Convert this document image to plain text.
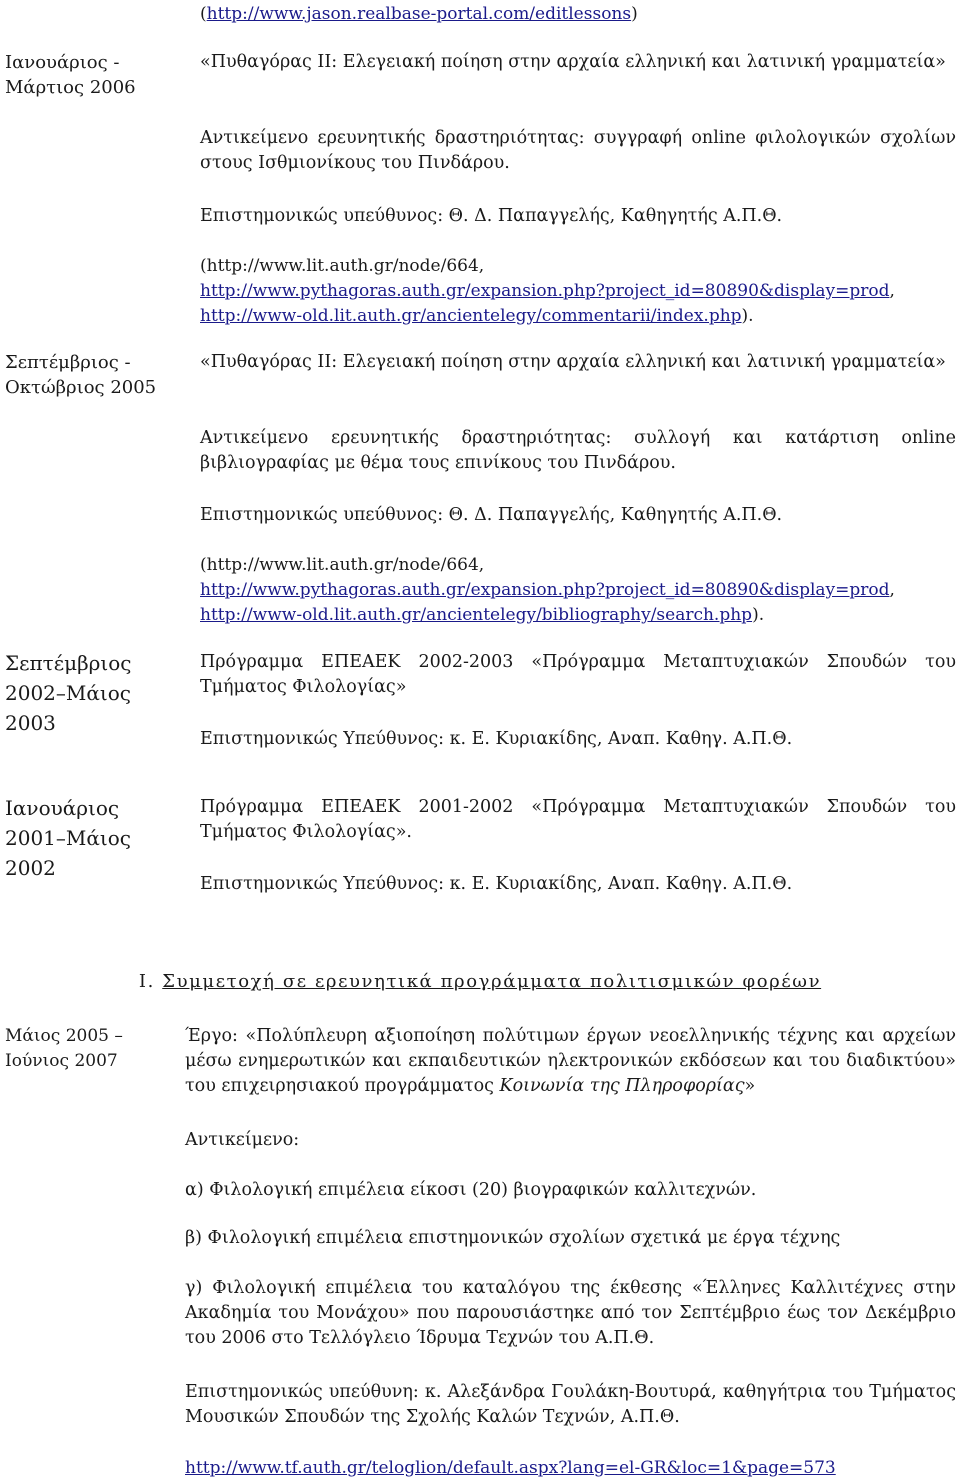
(http://www.jason.realbase-portal.com/editlessons)
Ιανουάριος - Μάρτιος 2006
«Πυθαγόρας ΙΙ: Ελεγειακή ποίηση στην αρχαία ελληνική και λατινική γραμματεία»
Αντικείμενο ερευνητικής δραστηριότητας: συγγραφή online φιλολογικών σχολίων στους Ισθμιονίκους του Πινδάρου.
Επιστημονικώς υπεύθυνος: Θ. Δ. Παπαγγελής, Καθηγητής Α.Π.Θ.
(http://www.lit.auth.gr/node/664,
http://www.pythagoras.auth.gr/expansion.php?project_id=80890&display=prod,
http://www-old.lit.auth.gr/ancientelegy/commentarii/index.php).
Σεπτέμβριος - Οκτώβριος 2005
«Πυθαγόρας ΙΙ: Ελεγειακή ποίηση στην αρχαία ελληνική και λατινική γραμματεία»
Αντικείμενο ερευνητικής δραστηριότητας: συλλογή και κατάρτιση online βιβλιογραφίας με θέμα τους επινίκους του Πινδάρου.
Επιστημονικώς υπεύθυνος: Θ. Δ. Παπαγγελής, Καθηγητής Α.Π.Θ.
(http://www.lit.auth.gr/node/664,
http://www.pythagoras.auth.gr/expansion.php?project_id=80890&display=prod,
http://www-old.lit.auth.gr/ancientelegy/bibliography/search.php).
Σεπτέμβριος 2002–Μάιος 2003
Πρόγραμμα ΕΠΕΑΕΚ 2002-2003 «Πρόγραμμα Μεταπτυχιακών Σπουδών του Τμήματος Φιλολογίας»
Επιστημονικώς Υπεύθυνος: κ. Ε. Κυριακίδης, Αναπ. Καθηγ. Α.Π.Θ.
Ιανουάριος 2001–Μάιος 2002
Πρόγραμμα ΕΠΕΑΕΚ 2001-2002 «Πρόγραμμα Μεταπτυχιακών Σπουδών του Τμήματος Φιλολογίας».
Επιστημονικώς Υπεύθυνος: κ. Ε. Κυριακίδης, Αναπ. Καθηγ. Α.Π.Θ.
Ι. Συμμετοχή σε ερευνητικά προγράμματα πολιτισμικών φορέων
Μάιος 2005 – Ιούνιος 2007
Έργο: «Πολύπλευρη αξιοποίηση πολύτιμων έργων νεοελληνικής τέχνης και αρχείων μέσω ενημερωτικών και εκπαιδευτικών ηλεκτρονικών εκδόσεων και του διαδικτύου» του επιχειρησιακού προγράμματος Κοινωνία της Πληροφορίας»
Αντικείμενο:
α) Φιλολογική επιμέλεια είκοσι (20) βιογραφικών καλλιτεχνών.
β) Φιλολογική επιμέλεια επιστημονικών σχολίων σχετικά με έργα τέχνης
γ) Φιλολογική επιμέλεια του καταλόγου της έκθεσης «Έλληνες Καλλιτέχνες στην Ακαδημία του Μονάχου» που παρουσιάστηκε από τον Σεπτέμβριο έως τον Δεκέμβριο του 2006 στο Τελλόγλειο Ίδρυμα Τεχνών του Α.Π.Θ.
Επιστημονικώς υπεύθυνη: κ. Αλεξάνδρα Γουλάκη-Βουτυρά, καθηγήτρια του Τμήματος Μουσικών Σπουδών της Σχολής Καλών Τεχνών, Α.Π.Θ.
http://www.tf.auth.gr/teloglion/default.aspx?lang=el-GR&loc=1&page=573
